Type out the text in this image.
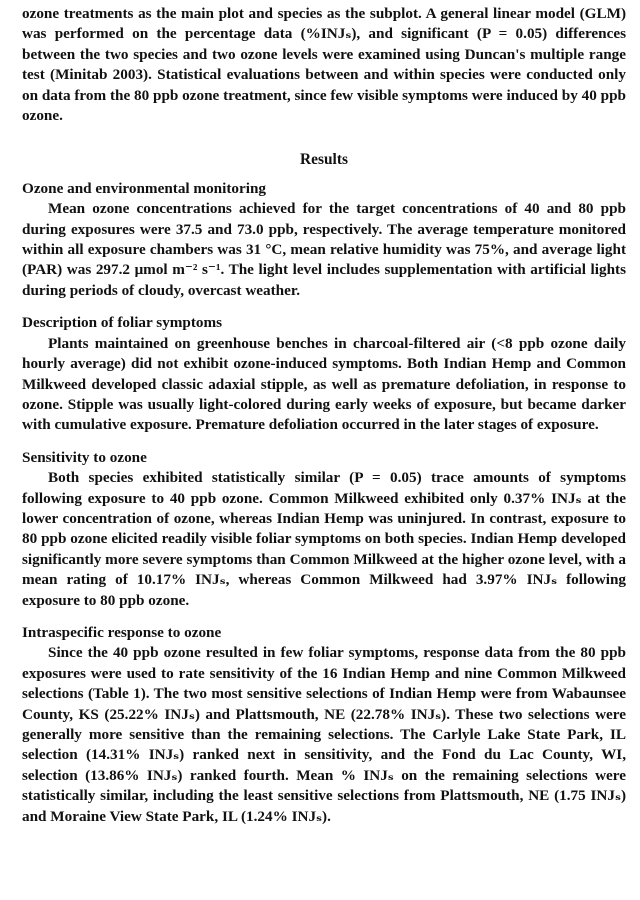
ozone treatments as the main plot and species as the subplot. A general linear model (GLM) was performed on the percentage data (%INJₛ), and significant (P = 0.05) differences between the two species and two ozone levels were examined using Duncan's multiple range test (Minitab 2003). Statistical evaluations between and within species were conducted only on data from the 80 ppb ozone treatment, since few visible symptoms were induced by 40 ppb ozone.

Results
Ozone and environmental monitoring

Mean ozone concentrations achieved for the target concentrations of 40 and 80 ppb during exposures were 37.5 and 73.0 ppb, respectively. The average temperature monitored within all exposure chambers was 31 °C, mean relative humidity was 75%, and average light (PAR) was 297.2 μmol m⁻² s⁻¹. The light level includes supplementation with artificial lights during periods of cloudy, overcast weather.

Description of foliar symptoms

Plants maintained on greenhouse benches in charcoal-filtered air (<8 ppb ozone daily hourly average) did not exhibit ozone-induced symptoms. Both Indian Hemp and Common Milkweed developed classic adaxial stipple, as well as premature defoliation, in response to ozone. Stipple was usually light-colored during early weeks of exposure, but became darker with cumulative exposure. Premature defoliation occurred in the later stages of exposure.

Sensitivity to ozone

Both species exhibited statistically similar (P = 0.05) trace amounts of symptoms following exposure to 40 ppb ozone. Common Milkweed exhibited only 0.37% INJₛ at the lower concentration of ozone, whereas Indian Hemp was uninjured. In contrast, exposure to 80 ppb ozone elicited readily visible foliar symptoms on both species. Indian Hemp developed significantly more severe symptoms than Common Milkweed at the higher ozone level, with a mean rating of 10.17% INJₛ, whereas Common Milkweed had 3.97% INJₛ following exposure to 80 ppb ozone.

Intraspecific response to ozone

Since the 40 ppb ozone resulted in few foliar symptoms, response data from the 80 ppb exposures were used to rate sensitivity of the 16 Indian Hemp and nine Common Milkweed selections (Table 1). The two most sensitive selections of Indian Hemp were from Wabaunsee County, KS (25.22% INJₛ) and Plattsmouth, NE (22.78% INJₛ). These two selections were generally more sensitive than the remaining selections. The Carlyle Lake State Park, IL selection (14.31% INJₛ) ranked next in sensitivity, and the Fond du Lac County, WI, selection (13.86% INJₛ) ranked fourth. Mean % INJₛ on the remaining selections were statistically similar, including the least sensitive selections from Plattsmouth, NE (1.75 INJₛ) and Moraine View State Park, IL (1.24% INJₛ).
